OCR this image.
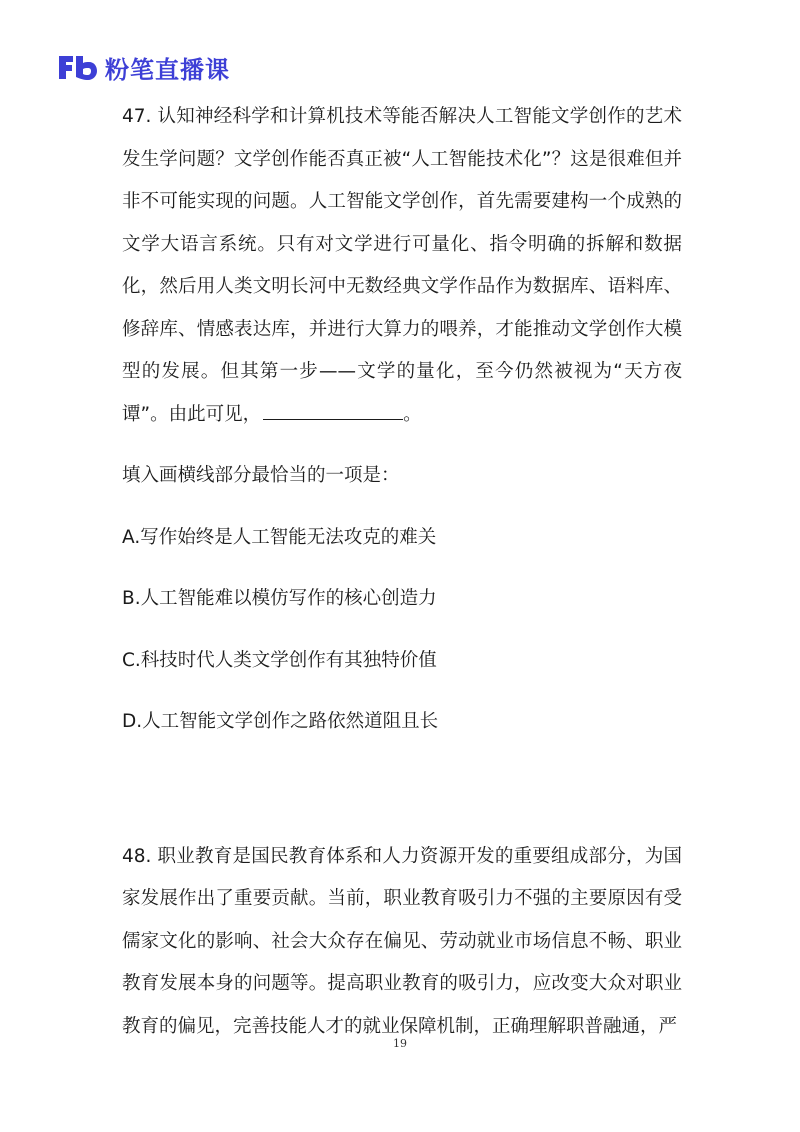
粉笔直播课

47. 认知神经科学和计算机技术等能否解决人工智能文学创作的艺术发生学问题？文学创作能否真正被“人工智能技术化”？这是很难但并非不可能实现的问题。人工智能文学创作，首先需要建构一个成熟的文学大语言系统。只有对文学进行可量化、指令明确的拆解和数据化，然后用人类文明长河中无数经典文学作品作为数据库、语料库、修辞库、情感表达库，并进行大算力的喂养，才能推动文学创作大模型的发展。但其第一步——文学的量化，至今仍然被视为“天方夜谭”。由此可见，	。

填入画横线部分最恰当的一项是：

A.写作始终是人工智能无法攻克的难关

B.人工智能难以模仿写作的核心创造力

C.科技时代人类文学创作有其独特价值

D.人工智能文学创作之路依然道阻且长

48. 职业教育是国民教育体系和人力资源开发的重要组成部分，为国家发展作出了重要贡献。当前，职业教育吸引力不强的主要原因有受儒家文化的影响、社会大众存在偏见、劳动就业市场信息不畅、职业教育发展本身的问题等。提高职业教育的吸引力，应改变大众对职业教育的偏见，完善技能人才的就业保障机制，正确理解职普融通，严

19
